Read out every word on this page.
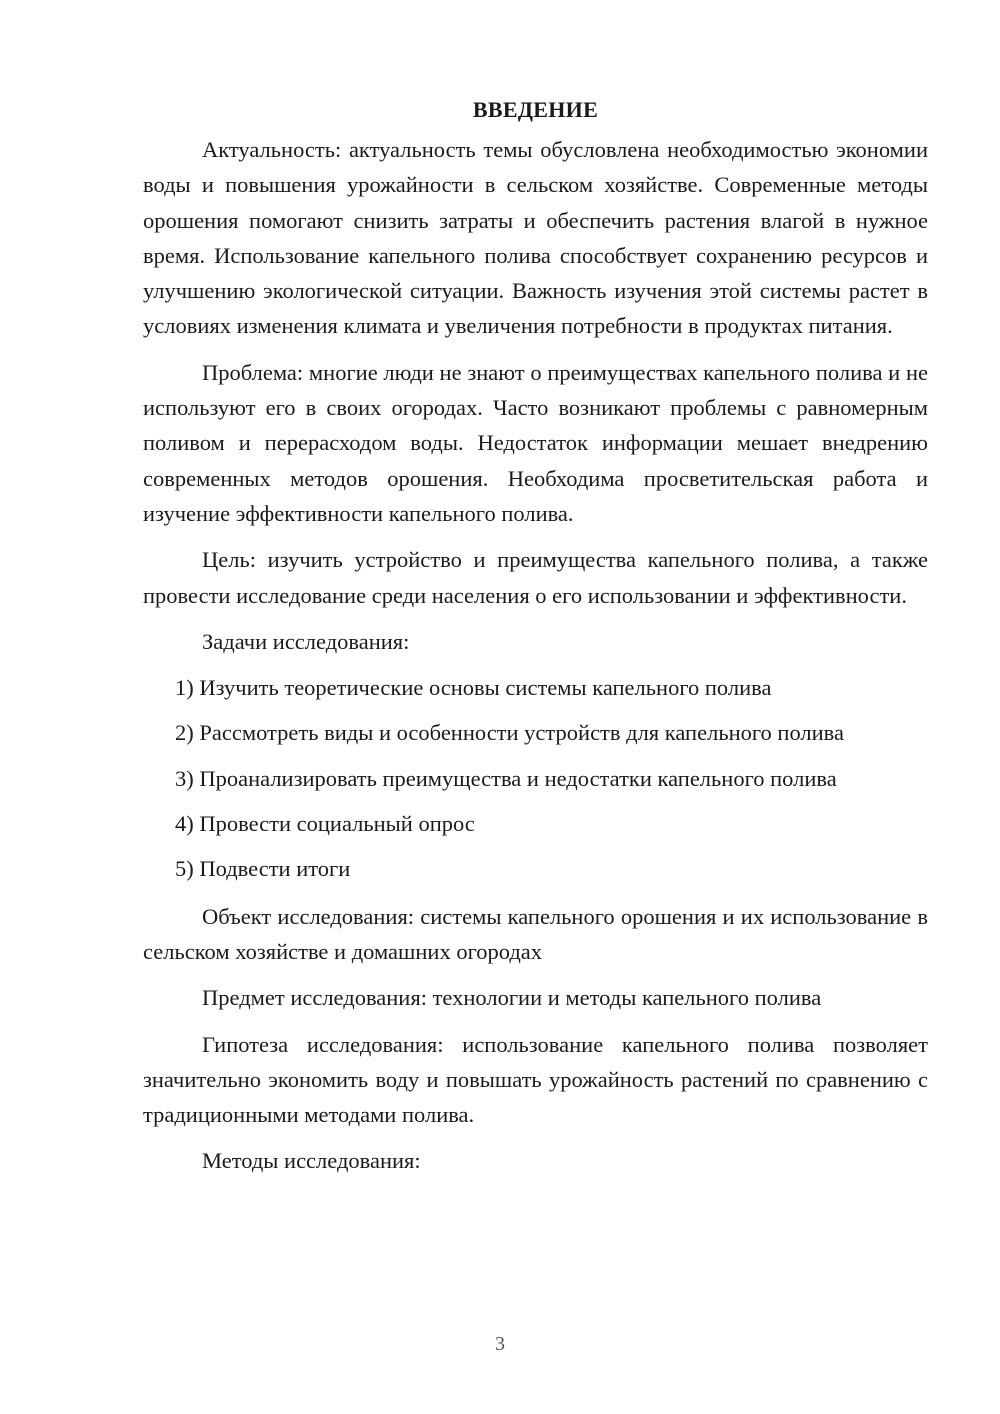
ВВЕДЕНИЕ

Актуальность: актуальность темы обусловлена необходимостью экономии воды и повышения урожайности в сельском хозяйстве. Современные методы орошения помогают снизить затраты и обеспечить растения влагой в нужное время. Использование капельного полива способствует сохранению ресурсов и улучшению экологической ситуации. Важность изучения этой системы растет в условиях изменения климата и увеличения потребности в продуктах питания.

Проблема: многие люди не знают о преимуществах капельного полива и не используют его в своих огородах. Часто возникают проблемы с равномерным поливом и перерасходом воды. Недостаток информации мешает внедрению современных методов орошения. Необходима просветительская работа и изучение эффективности капельного полива.

Цель: изучить устройство и преимущества капельного полива, а также провести исследование среди населения о его использовании и эффективности.

Задачи исследования:

1) Изучить теоретические основы системы капельного полива
2) Рассмотреть виды и особенности устройств для капельного полива
3) Проанализировать преимущества и недостатки капельного полива
4) Провести социальный опрос
5) Подвести итоги

Объект исследования: системы капельного орошения и их использование в сельском хозяйстве и домашних огородах

Предмет исследования: технологии и методы капельного полива

Гипотеза исследования: использование капельного полива позволяет значительно экономить воду и повышать урожайность растений по сравнению с традиционными методами полива.

Методы исследования:

3
